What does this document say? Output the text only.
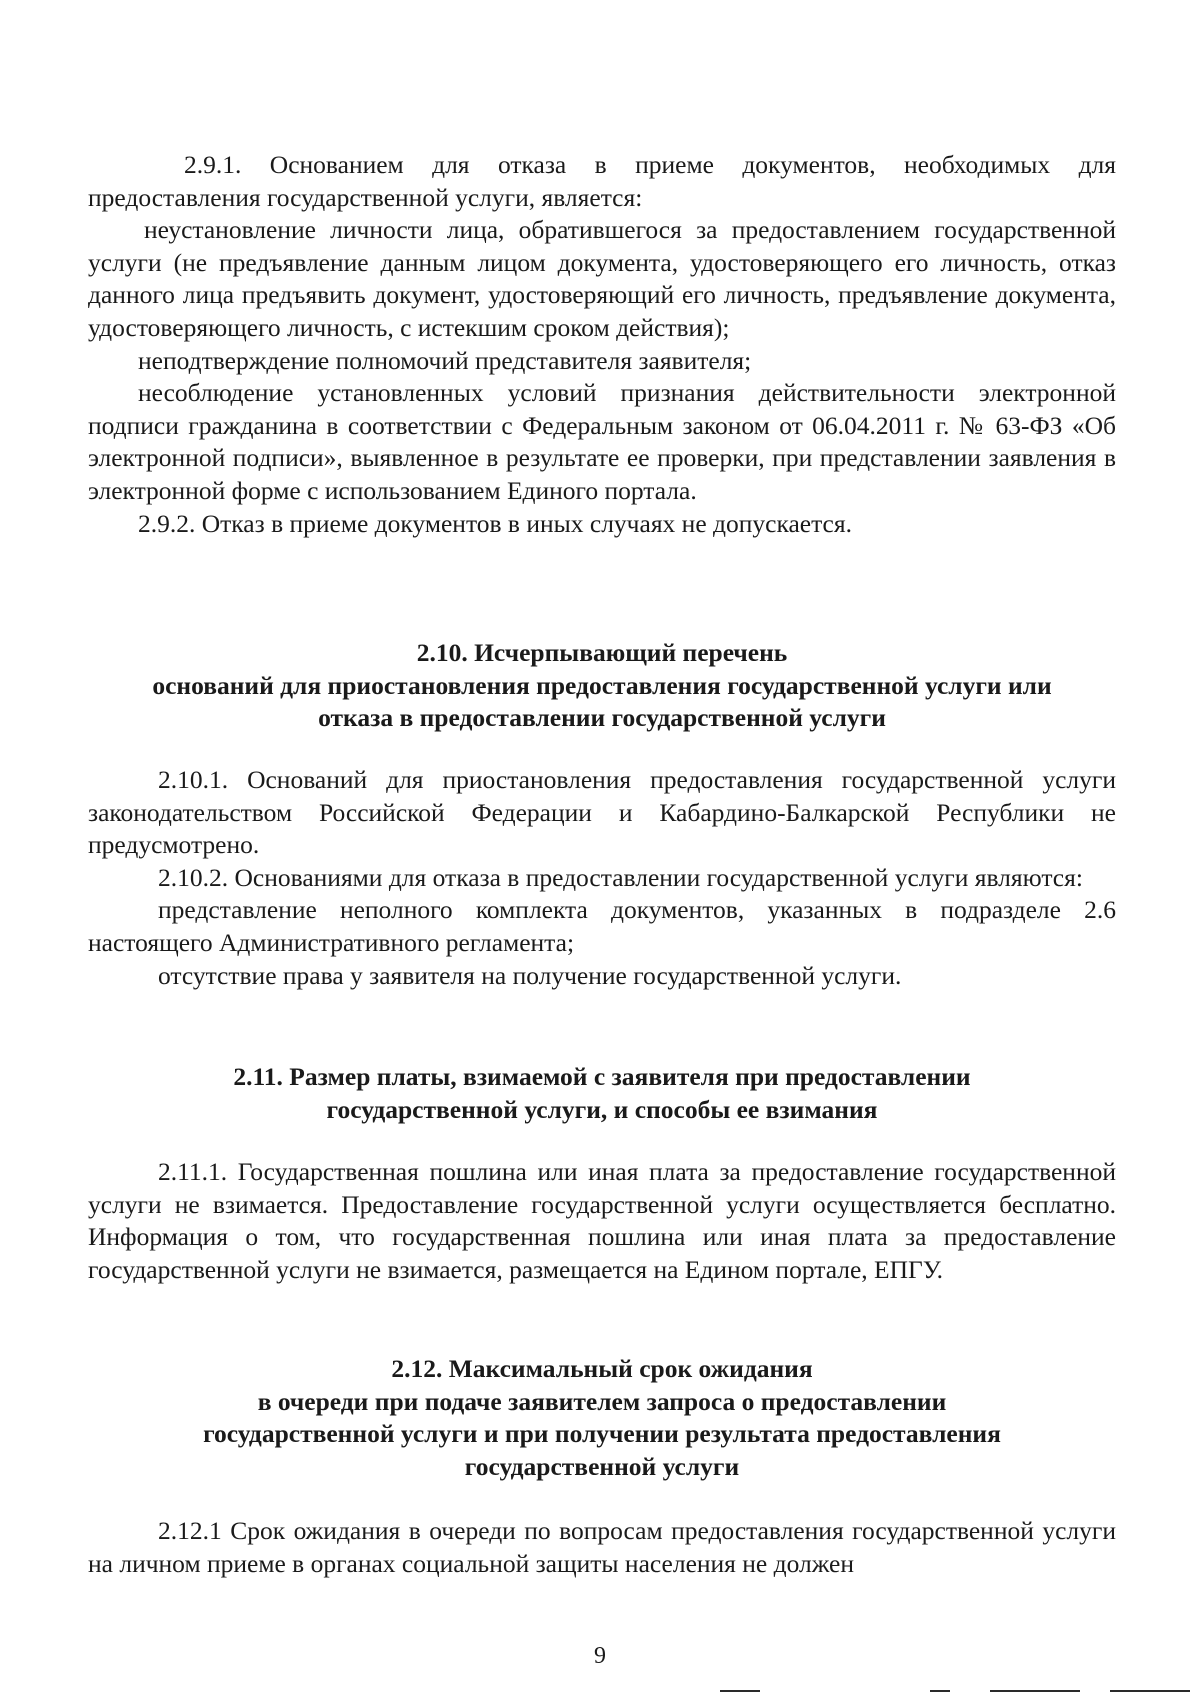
2.9.1. Основанием для отказа в приеме документов, необходимых для предоставления государственной услуги, является:

неустановление личности лица, обратившегося за предоставлением государственной услуги (не предъявление данным лицом документа, удостоверяющего его личность, отказ данного лица предъявить документ, удостоверяющий его личность, предъявление документа, удостоверяющего личность, с истекшим сроком действия);

неподтверждение полномочий представителя заявителя;

несоблюдение установленных условий признания действительности электронной подписи гражданина в соответствии с Федеральным законом от 06.04.2011 г. № 63-ФЗ «Об электронной подписи», выявленное в результате ее проверки, при представлении заявления в электронной форме с использованием Единого портала.

2.9.2. Отказ в приеме документов в иных случаях не допускается.

2.10. Исчерпывающий перечень
оснований для приостановления предоставления государственной услуги или
отказа в предоставлении государственной услуги

2.10.1. Оснований для приостановления предоставления государственной услуги законодательством Российской Федерации и Кабардино-Балкарской Республики не предусмотрено.

2.10.2. Основаниями для отказа в предоставлении государственной услуги являются:

представление неполного комплекта документов, указанных в подразделе 2.6 настоящего Административного регламента;

отсутствие права у заявителя на получение государственной услуги.

2.11. Размер платы, взимаемой с заявителя при предоставлении
государственной услуги, и способы ее взимания

2.11.1. Государственная пошлина или иная плата за предоставление государственной услуги не взимается. Предоставление государственной услуги осуществляется бесплатно. Информация о том, что государственная пошлина или иная плата за предоставление государственной услуги не взимается, размещается на Едином портале, ЕПГУ.

2.12. Максимальный срок ожидания
в очереди при подаче заявителем запроса о предоставлении
государственной услуги и при получении результата предоставления
государственной услуги

2.12.1 Срок ожидания в очереди по вопросам предоставления государственной услуги на личном приеме в органах социальной защиты населения не должен

9
